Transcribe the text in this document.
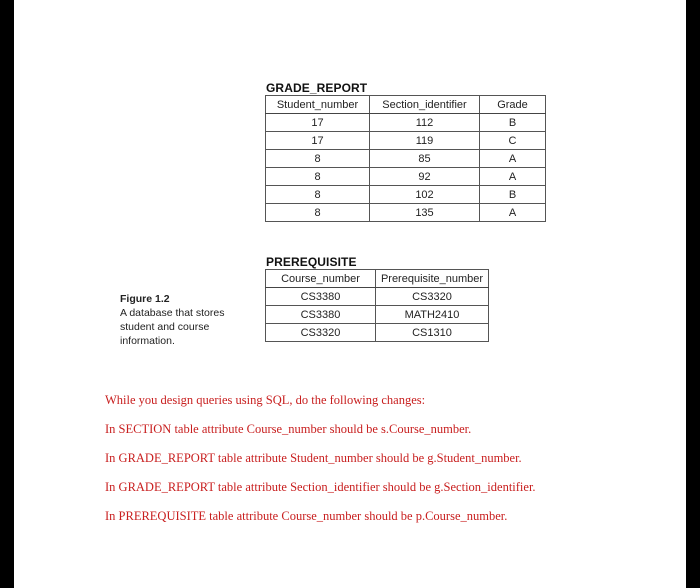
GRADE_REPORT
Student_number	Section_identifier	Grade
17	112	B
17	119	C
8	85	A
8	92	A
8	102	B
8	135	A
PREREQUISITE
Course_number	Prerequisite_number
CS3380	CS3320
CS3380	MATH2410
CS3320	CS1310
Figure 1.2
A database that stores student and course information.

While you design queries using SQL, do the following changes:

In SECTION table attribute Course_number should be s.Course_number.

In GRADE_REPORT table attribute Student_number should be g.Student_number.

In GRADE_REPORT table attribute Section_identifier should be g.Section_identifier.

In PREREQUISITE table attribute Course_number should be p.Course_number.
